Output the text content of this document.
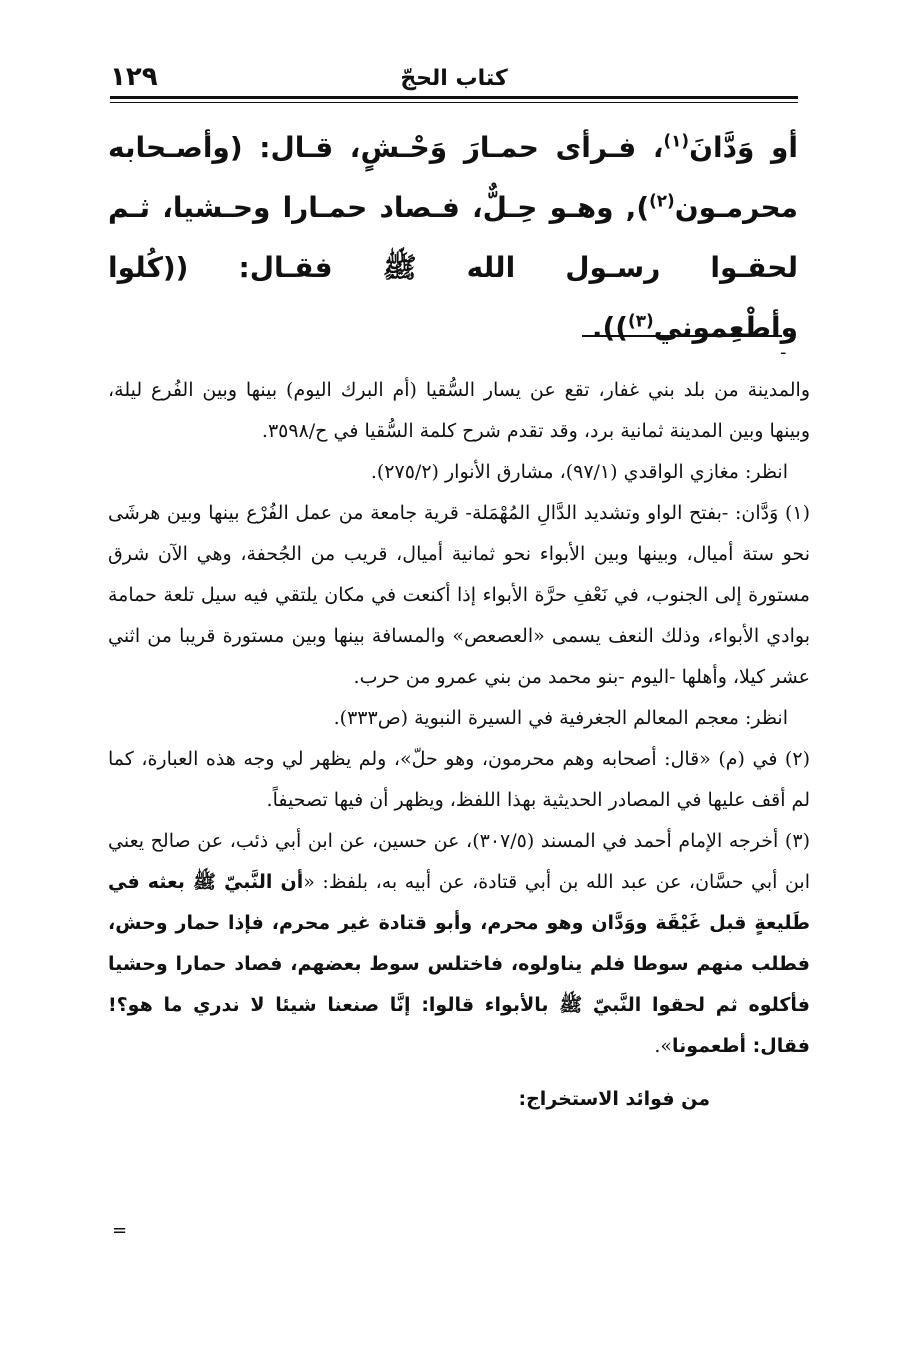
كتاب الحجّ
١٢٩

أو وَدَّانَ$^{(١)}$، فـرأى حمـارَ وَحْـشٍ، قـال: (وأصـحابه محرمـون$^{(٢)}$), وهـو حِـلٌّ، فـصاد حمـارا وحـشيا، ثـم لحقـوا رسـول الله ﷺ فقـال: ((كُلوا وأطْعِموني$^{(٣)}$)).

-

والمدينة من بلد بني غفار، تقع عن يسار السُّقيا (أم البرك اليوم) بينها وبين الفُرع ليلة، وبينها وبين المدينة ثمانية برد، وقد تقدم شرح كلمة السُّقيا في ح/٣٥٩٨.

انظر: مغازي الواقدي (٩٧/١)، مشارق الأنوار (٢٧٥/٢).

(١) وَدَّان: -بفتح الواو وتشديد الدَّالِ المُهْمَلة- قرية جامعة من عمل الفُرْع بينها وبين هرشَى نحو ستة أميال، وبينها وبين الأبواء نحو ثمانية أميال، قريب من الجُحفة، وهي الآن شرق مستورة إلى الجنوب، في نَعْفِ حرَّة الأبواء إذا أكنعت في مكان يلتقي فيه سيل تلعة حمامة بوادي الأبواء، وذلك النعف يسمى «العصعص» والمسافة بينها وبين مستورة قريبا من اثني عشر كيلا، وأهلها -اليوم -بنو محمد من بني عمرو من حرب.

انظر: معجم المعالم الجغرفية في السيرة النبوية (ص٣٣٣).

(٢) في (م) «قال: أصحابه وهم محرمون، وهو حلّ»، ولم يظهر لي وجه هذه العبارة، كما لم أقف عليها في المصادر الحديثية بهذا اللفظ، ويظهر أن فيها تصحيفاً.

(٣) أخرجه الإمام أحمد في المسند (٣٠٧/٥)، عن حسين، عن ابن أبي ذئب، عن صالح يعني ابن أبي حسَّان، عن عبد الله بن أبي قتادة، عن أبيه به، بلفظ: «أن النَّبيّ ﷺ بعثه في طَليعةٍ قبل غَيْقَة ووَدَّان وهو محرم، وأبو قتادة غير محرم، فإذا حمار وحش، فطلب منهم سوطا فلم يناولوه، فاختلس سوط بعضهم، فصاد حمارا وحشيا فأكلوه ثم لحقوا النَّبيّ ﷺ بالأبواء قالوا: إنَّا صنعنا شيئا لا ندري ما هو؟! فقال: أطعمونا».

من فوائد الاستخراج:

=
